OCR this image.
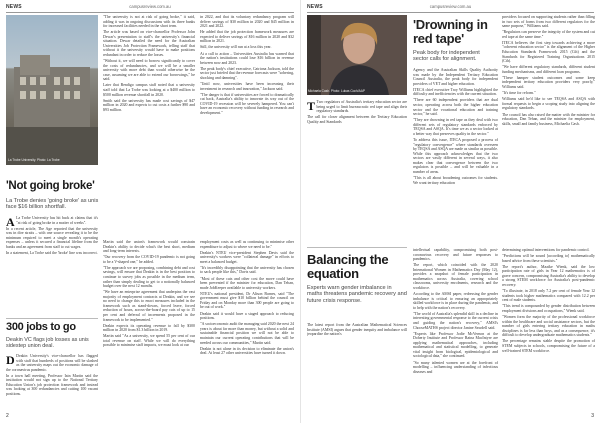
NEWS	campusreview.com.au
La Trobe University. Photo: La Trobe
'Not going broke'
La Trobe denies 'going broke' as unis face $16 billion shortfall.

A La Trobe University has hit back at claims that it's "at risk of going broke in a matter of weeks".

In a recent article, The Age reported that the university was in dire straits – with one source revealing it to be the minimum required to meet a single month's operating expenses – unless it secured a financial lifeline from the banks and an agreement from staff to cut wages.

In a statement, La Trobe said the 'broke' line was incorrect.

"The university is not at risk of going broke," it said, adding it was in ongoing discussions with its three banks for increased facilities needed in the short term.

The article was based on vice-chancellor Professor John Dewar's presentation to staff's the university's financial situation. Dewar detailed the need for the Australian Universities Job Protection Framework, telling staff that without it the university would have to make positions redundant in order to reduce the losses.

"Without it, we will need to borrow significantly to cover the costs of redundancies, and we will be a smaller university with more debt than would otherwise be the case, assuming we are able to extend our borrowings," he said.

Later that Bendigo campus staff noted that a university staff told that La Trobe was looking at a $400 million to $500 million revenue shortfall in 2020.

Smith said the university has made cost savings of $47 million in 2020 and expects to cut costs a further $90 and $93 million.

in 2022, and that its voluntary redundancy program will deliver savings of $30 million in 2020 and $45 million in 2021 and 2022.

He added that the job protection framework measures are expected to deliver savings of $16 million in 2020 and $32 million in 2021.

Still, the university will run at a loss this year.

At a call to action – Universities Australia has warned that the nation's institutions could lose $16 billion in revenue between now and 2023.

The peak body's chief executive, Catriona Jackson, told the sector just briefed that the revenue forecasts were "sobering, shocking and damning".

"Until now, universities have been increasing their investment in research and innovation," Jackson said.

"The danger is that if universities are forced to dramatically cut back, Australia's ability to innovate its way out of the COVID-19 recession will be severely hampered. You can't have an economic recovery without funding in research and development."

300 jobs to go
Deakin VC flags job losses as unis sidestep union deal.

D Deakin University's vice-chancellor has flagged with staff that hundreds of positions will be slashed as the university maps out the economic damage of the coronavirus pandemic.

In a town hall meeting, Professor Iain Martin said the institution would not sign up to the National Tertiary Education Union's job protection framework and instead was looking at 300 redundancies and cutting 100 vacant positions.

Martin said the union's framework would constrain Deakin's ability to decide what's the best short, medium and long-term interests.

"Our recovery from the COVID-19 pandemic is not going to be a V-shaped one," he added.

"The approach we are proposing, combining debt and cost savings, will ensure that Deakin is in the best position to continue to survey jobs as possible in the medium term, rather than simply dealing to get to a notionally balanced budget over the next 12 months.

"We have an enterprise agreement that underpins the vast majority of employment contracts at Deakin, and we see no need to change this to enact measures included in the framework such as stand-downs, forced leave, forced reduction of hours, across-the-board pay cuts of up to 15 per cent and deferral of increments proposed in the framework to be implemented."

Deakin expects its operating revenue to fall by $300 million in 2020 from $1.3 billion in 2019.

Martin said "As a university, we spend 55 per cent of our total revenue on staff. While we will do everything possible to minimise staff impacts, we must look at our

employment costs as well as continuing to minimise other expenditure to adjust to where we need to be."

Deakin's NTEU vice-president Stephen Davis said the university's workers were "collateral damage" in efforts to meet a balanced budget.

"It's incredibly disappointing that the university has chosen to sack people like this," Davis said.

"Most of these cuts and other cost the move could have been prevented if the minister for education, Dan Tehan, made JobKeeper available to university workers.

NTEU's national president, Dr Alison Barnes, said "The government must give $10 billion behind the council on Friday and on Monday more than 300 people are going to be out of work."

Deakin said it would have a staged approach to reducing positions.

"A socioeconomic audit the managing said 2020 the next 24 years is about far more than money, but without a solid and sustainable financial position we will not be able to maintain our current operating contributions that will be needed across our communities," Martin said.

Deakin is not alone in its decision to eliminate the union's deal. At least 27 other universities have turned it down.

2
NEWS	campusreview.com.au
Michaela Cash. Photo: Lukas Coch/AAP
'Drowning in red tape'
Peak body for independent sector calls for alignment.

T Two regulators of Australia's tertiary education sector are being urged to limit bureaucratic red tape and align their regulatory standards.

The call for closer alignment between the Tertiary Education Quality and Standards

Agency and the Australian Skills Quality Authority was made by the Independent Tertiary Education Council Australia, the peak body for independent providers of VET and higher education.

ITECA chief executive Troy Williams highlighted the difficulty and inefficiencies with the current situation.

"There are 60 independent providers that are dual sector, operating across both the higher education sector and the vocational education and training sector," he said.

"They are drowning in red tape as they deal with two different sets of regulatory standards enforced by TEQSA and ASQA. It's time we as a sector looked at a better way that preserves quality in the sector."

To address this issue, ITECA proposed a process of "regulatory convergence" where standards overseen by TEQSA and ASQA are made as similar as possible. While this approach acknowledges that the two sectors are vastly different in several ways, it also makes clear that convergence between the two regulators is possible – and will be valuable in a number of areas.

"This is all about broadening outcomes for students. We want tertiary education

providers focused on supporting students rather than filling in two sets of forms from two different regulators for the same purpose," Williams said.

"Regulators can preserve the integrity of the system and cut red tape at the same time."

ITECA believes the first step towards achieving a more "coherent education sector" is the alignment of the Higher Education Standards Framework 2015 (Cth) and the Standards for Registered Training Organisations 2015 (Cth).

"We have different regulatory standards, different student funding mechanisms, and different loan programs.

"These hamper student outcomes and some keep independent tertiary education providers very poorly," Williams said.

"It's time for reform."

Williams said he'd like to see TEQSA and ASQA with formal requests to begin a scoping study into aligning the regulatory standards.

The council has also raised the matter with the minister for education, Dan Tehan, and the minister for employment, skills, small and family business, Michaelia Cash.

Balancing the equation
Experts warn gender imbalance in maths threatens pandemic recovery and future crisis response.

The latest report from the Australian Mathematical Sciences Institute (AMSI) argues that gender inequity and imbalance will jeopardise the nation's

intellectual capability, compromising both post-coronavirus recovery and future responses to pandemics.

The report, which coincided with the 2020 International Women in Mathematics Day (May 12), provides a snapshot of female participation in mathematics across Australia, covering school classrooms, university enrolments, research and the workforce.

According to the AMSI paper, redressing the gender imbalance is critical to ensuring an appropriately skilled workforce is in place during the pandemic, and to help with the nation's recovery.

"The world of Australia's splendid skill in a decline in interesting governmental response to the current crisis and guiding the nation's recovery," AMSI's ChooseMATHS project director Janine Sawdell said.

"Experts like Professor Jodie McVernon at the Doherty Institute and Professor Raina MacIntyre are applying mathematical approaches, including mathematical and statistical modelling, to generate vital insight from biological, epidemiological and sociological data," she continued.

"So many talented women are at the forefront of modelling – influencing understanding of infectious diseases and

determining optimal interventions for pandemic control.

"Predictions will be sound [according to] mathematically based advice from these scientists."

The report's author, Maaike Wienk, said the low participation rate of girls in Year 12 mathematics is of grave concern, compromising Australia's ability to develop a strong STEM workforce for Australia's post-pandemic recovery.

"To illustrate, in 2018 only 7.2 per cent of female Year 12 students took higher mathematics compared with 12.2 per cent of male students.

"This trend is compounded by gender distribution between employment divisions and occupations," Wienk said.

"Women form the majority of the professional workforce within the healthcare and social assistance sectors, but the number of girls entering tertiary education in maths disciplines is far less than boys, and as a consequence, it's difficult to develop undergraduate mathematics students."

The percentage remains stable despite the promotion of STEM subjects in schools, compromising the future of a well-trained STEM workforce.

3
